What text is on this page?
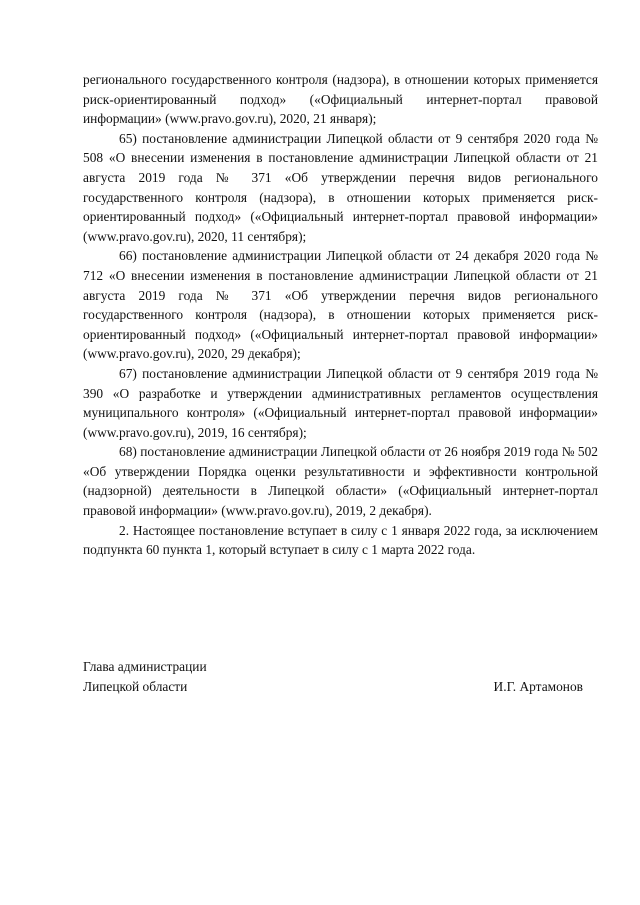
регионального государственного контроля (надзора), в отношении которых применяется риск-ориентированный подход» («Официальный интернет-портал правовой информации» (www.pravo.gov.ru), 2020, 21 января);

65) постановление администрации Липецкой области от 9 сентября 2020 года № 508 «О внесении изменения в постановление администрации Липецкой области от 21 августа 2019 года № 371 «Об утверждении перечня видов регионального государственного контроля (надзора), в отношении которых применяется риск-ориентированный подход» («Официальный интернет-портал правовой информации» (www.pravo.gov.ru), 2020, 11 сентября);

66) постановление администрации Липецкой области от 24 декабря 2020 года № 712 «О внесении изменения в постановление администрации Липецкой области от 21 августа 2019 года № 371 «Об утверждении перечня видов регионального государственного контроля (надзора), в отношении которых применяется риск-ориентированный подход» («Официальный интернет-портал правовой информации» (www.pravo.gov.ru), 2020, 29 декабря);

67) постановление администрации Липецкой области от 9 сентября 2019 года № 390 «О разработке и утверждении административных регламентов осуществления муниципального контроля» («Официальный интернет-портал правовой информации» (www.pravo.gov.ru), 2019, 16 сентября);

68) постановление администрации Липецкой области от 26 ноября 2019 года № 502 «Об утверждении Порядка оценки результативности и эффективности контрольной (надзорной) деятельности в Липецкой области» («Официальный интернет-портал правовой информации» (www.pravo.gov.ru), 2019, 2 декабря).

2. Настоящее постановление вступает в силу с 1 января 2022 года, за исключением подпункта 60 пункта 1, который вступает в силу с 1 марта 2022 года.

Глава администрации
Липецкой области	И.Г. Артамонов
